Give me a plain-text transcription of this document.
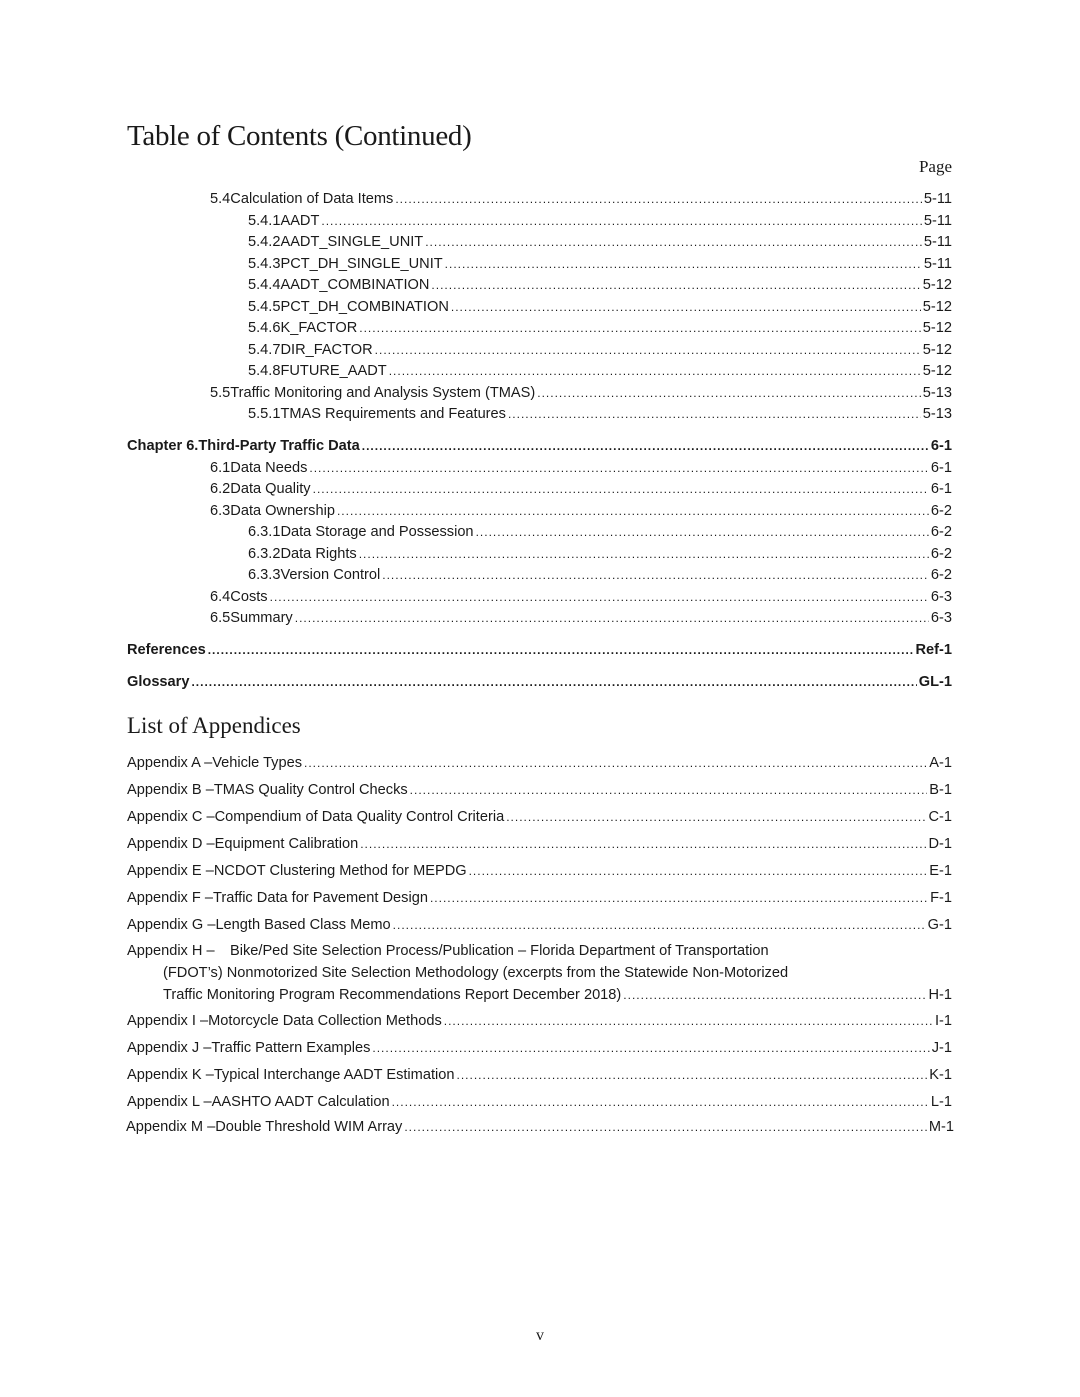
Table of Contents (Continued)
Page
5.4 Calculation of Data Items .....	5-11
5.4.1 AADT .....	5-11
5.4.2 AADT_SINGLE_UNIT .....	5-11
5.4.3 PCT_DH_SINGLE_UNIT .....	5-11
5.4.4 AADT_COMBINATION .....	5-12
5.4.5 PCT_DH_COMBINATION .....	5-12
5.4.6 K_FACTOR .....	5-12
5.4.7 DIR_FACTOR .....	5-12
5.4.8 FUTURE_AADT .....	5-12
5.5 Traffic Monitoring and Analysis System (TMAS) .....	5-13
5.5.1 TMAS Requirements and Features .....	5-13
Chapter 6. Third-Party Traffic Data .....	6-1
6.1 Data Needs .....	6-1
6.2 Data Quality .....	6-1
6.3 Data Ownership .....	6-2
6.3.1 Data Storage and Possession .....	6-2
6.3.2 Data Rights .....	6-2
6.3.3 Version Control .....	6-2
6.4 Costs .....	6-3
6.5 Summary .....	6-3
References .....	Ref-1
Glossary .....	GL-1
List of Appendices
Appendix A – Vehicle Types .....	A-1
Appendix B – TMAS Quality Control Checks .....	B-1
Appendix C – Compendium of Data Quality Control Criteria .....	C-1
Appendix D – Equipment Calibration .....	D-1
Appendix E – NCDOT Clustering Method for MEPDG .....	E-1
Appendix F – Traffic Data for Pavement Design .....	F-1
Appendix G – Length Based Class Memo .....	G-1
Appendix H – Bike/Ped Site Selection Process/Publication – Florida Department of Transportation
(FDOT’s) Nonmotorized Site Selection Methodology (excerpts from the Statewide Non-Motorized
Traffic Monitoring Program Recommendations Report December 2018) .....	H-1
Appendix I – Motorcycle Data Collection Methods .....	I-1
Appendix J – Traffic Pattern Examples .....	J-1
Appendix K – Typical Interchange AADT Estimation .....	K-1
Appendix L – AASHTO AADT Calculation .....	L-1
Appendix M – Double Threshold WIM Array .....	M-1
v
